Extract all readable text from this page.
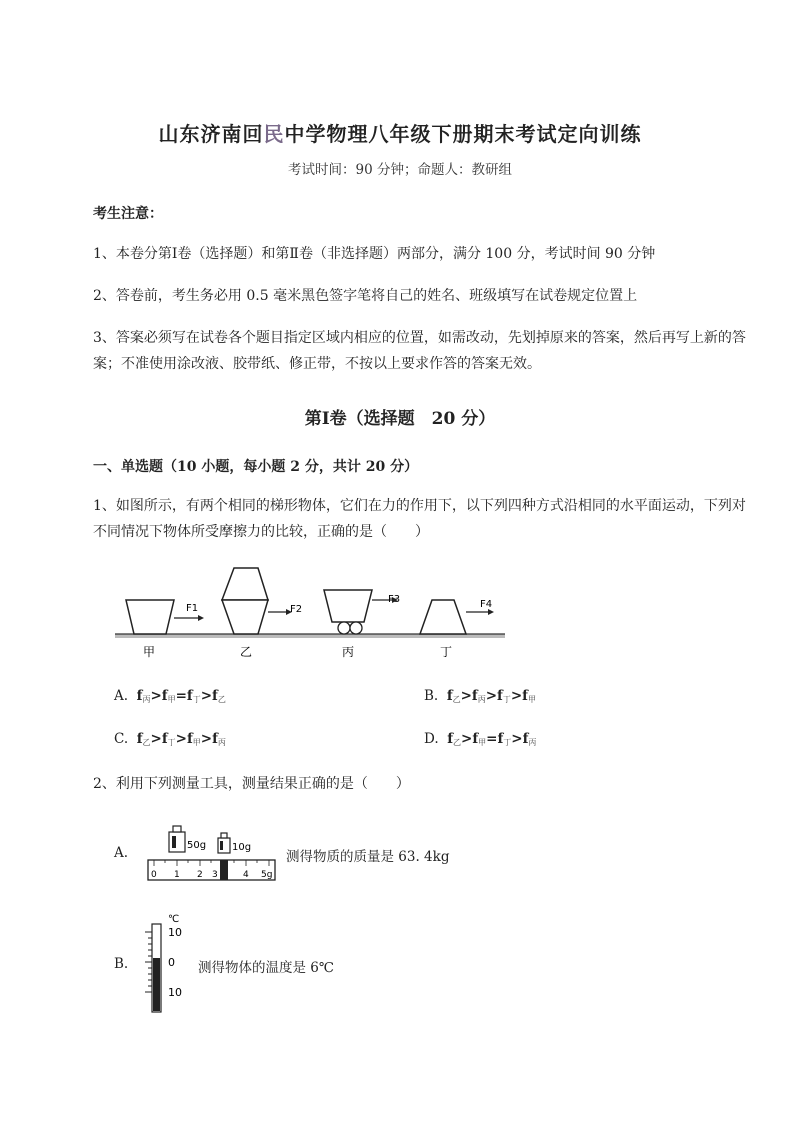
山东济南回民中学物理八年级下册期末考试定向训练
考试时间：90 分钟；命题人：教研组
考生注意：
1、本卷分第Ⅰ卷（选择题）和第Ⅱ卷（非选择题）两部分，满分 100 分，考试时间 90 分钟
2、答卷前，考生务必用 0.5 毫米黑色签字笔将自己的姓名、班级填写在试卷规定位置上
3、答案必须写在试卷各个题目指定区域内相应的位置，如需改动，先划掉原来的答案，然后再写上新的答案；不准使用涂改液、胶带纸、修正带，不按以上要求作答的答案无效。
第Ⅰ卷（选择题　20 分）
一、单选题（10 小题，每小题 2 分，共计 20 分）
1、如图所示，有两个相同的梯形物体，它们在力的作用下，以下列四种方式沿相同的水平面运动，下列对不同情况下物体所受摩擦力的比较，正确的是（　　）
F1
甲
F2
乙
F3
丙
F4
丁
A. $f_丙>f_甲=f_丁>f_乙$	B. $f_乙>f_丙>f_丁>f_甲$
C. $f_乙>f_丁>f_甲>f_丙$	D. $f_乙>f_甲=f_丁>f_丙$
2、利用下列测量工具，测量结果正确的是（　　）
A.	50g	10g
0 1 2 3	4 5g
测得物质的质量是 63. 4kg
B.
℃
10
0
10
测得物体的温度是 6℃
